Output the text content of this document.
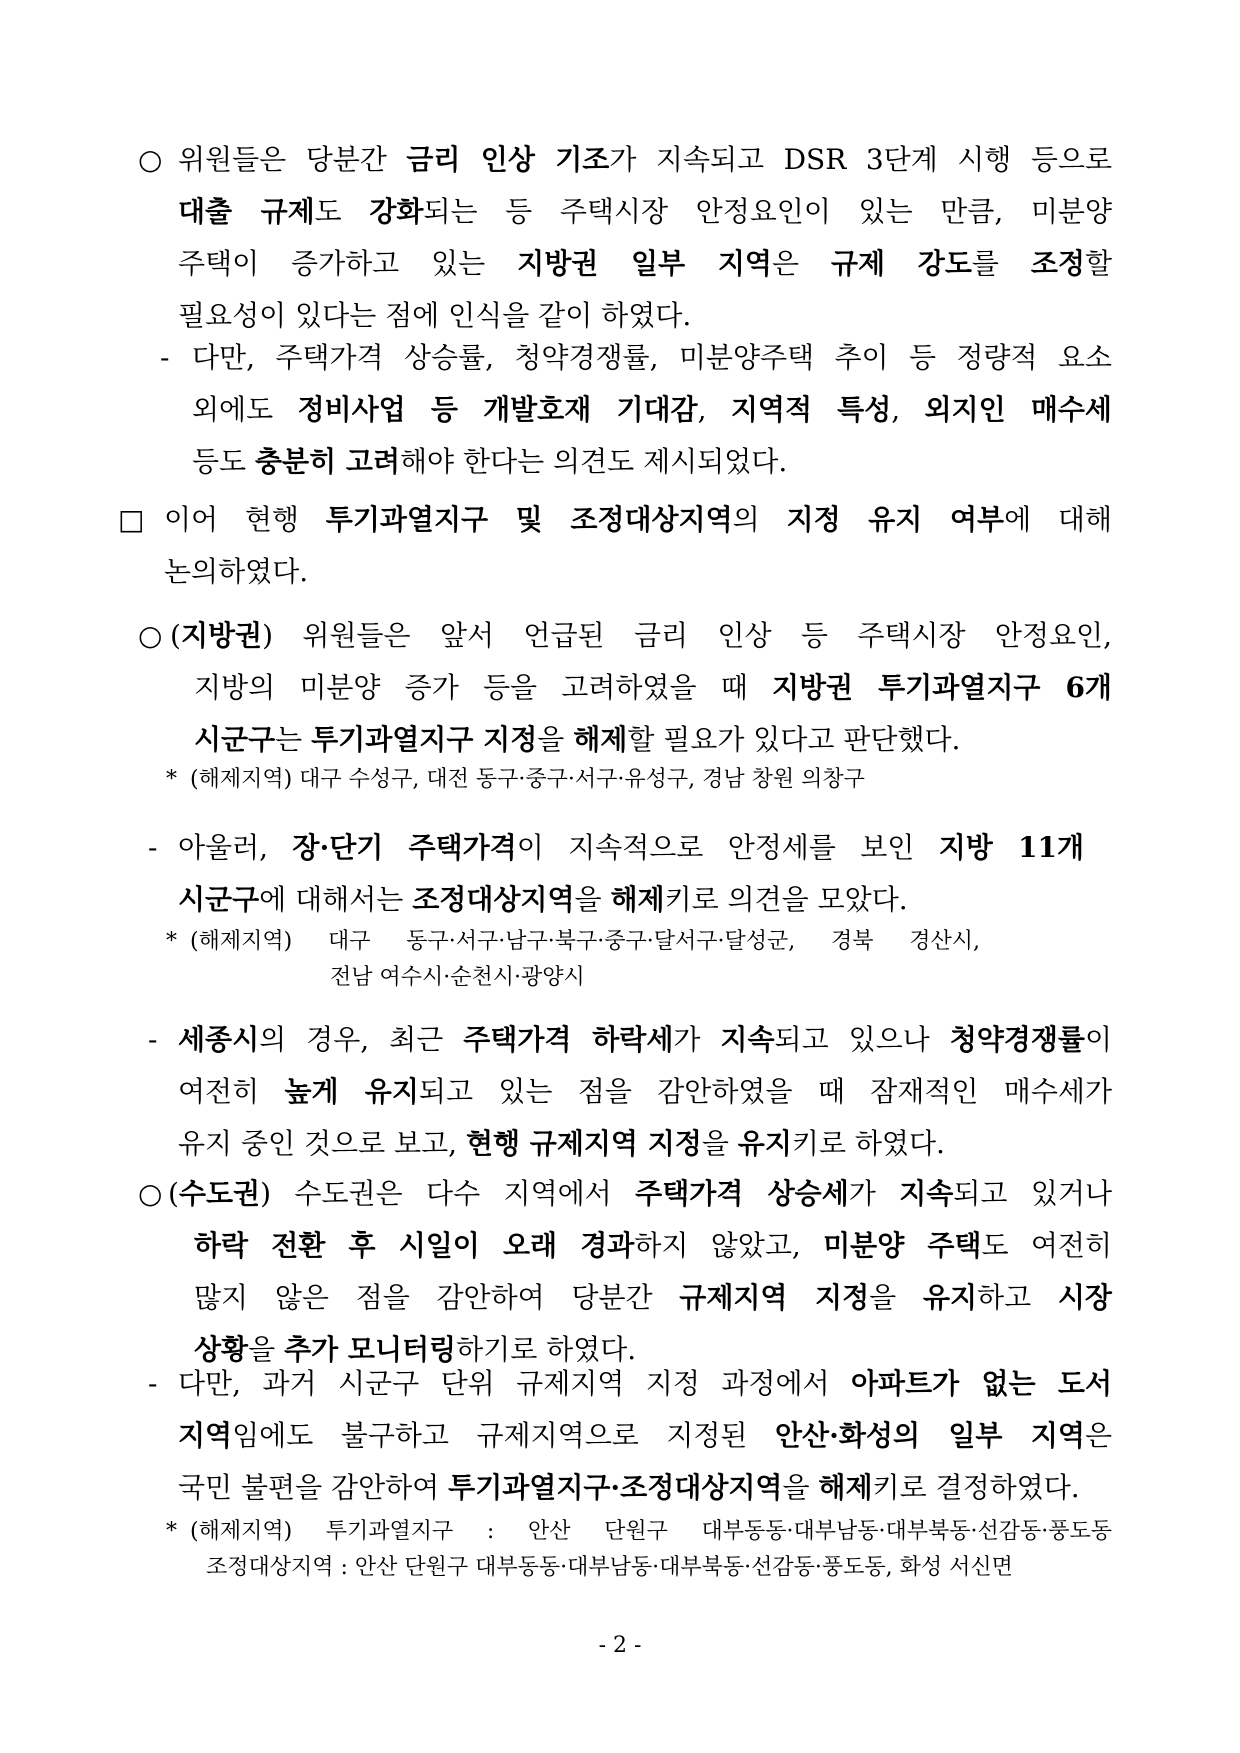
○ 위원들은 당분간 금리 인상 기조가 지속되고 DSR 3단계 시행 등으로
대출 규제도 강화되는 등 주택시장 안정요인이 있는 만큼, 미분양
주택이 증가하고 있는 지방권 일부 지역은 규제 강도를 조정할
필요성이 있다는 점에 인식을 같이 하였다.
- 다만, 주택가격 상승률, 청약경쟁률, 미분양주택 추이 등 정량적 요소
외에도 정비사업 등 개발호재 기대감, 지역적 특성, 외지인 매수세
등도 충분히 고려해야 한다는 의견도 제시되었다.
□ 이어 현행 투기과열지구 및 조정대상지역의 지정 유지 여부에 대해
논의하였다.
○ (지방권) 위원들은 앞서 언급된 금리 인상 등 주택시장 안정요인,
지방의 미분양 증가 등을 고려하였을 때 지방권 투기과열지구 6개
시군구는 투기과열지구 지정을 해제할 필요가 있다고 판단했다.
* (해제지역) 대구 수성구, 대전 동구·중구·서구·유성구, 경남 창원 의창구
- 아울러, 장·단기 주택가격이 지속적으로 안정세를 보인 지방 11개
시군구에 대해서는 조정대상지역을 해제키로 의견을 모았다.
* (해제지역) 대구 동구·서구·남구·북구·중구·달서구·달성군, 경북 경산시,
전남 여수시·순천시·광양시
- 세종시의 경우, 최근 주택가격 하락세가 지속되고 있으나 청약경쟁률이
여전히 높게 유지되고 있는 점을 감안하였을 때 잠재적인 매수세가
유지 중인 것으로 보고, 현행 규제지역 지정을 유지키로 하였다.
○ (수도권) 수도권은 다수 지역에서 주택가격 상승세가 지속되고 있거나
하락 전환 후 시일이 오래 경과하지 않았고, 미분양 주택도 여전히
많지 않은 점을 감안하여 당분간 규제지역 지정을 유지하고 시장
상황을 추가 모니터링하기로 하였다.
- 다만, 과거 시군구 단위 규제지역 지정 과정에서 아파트가 없는 도서
지역임에도 불구하고 규제지역으로 지정된 안산·화성의 일부 지역은
국민 불편을 감안하여 투기과열지구·조정대상지역을 해제키로 결정하였다.
* (해제지역) 투기과열지구 : 안산 단원구 대부동동·대부남동·대부북동·선감동·풍도동
조정대상지역 : 안산 단원구 대부동동·대부남동·대부북동·선감동·풍도동, 화성 서신면
- 2 -
